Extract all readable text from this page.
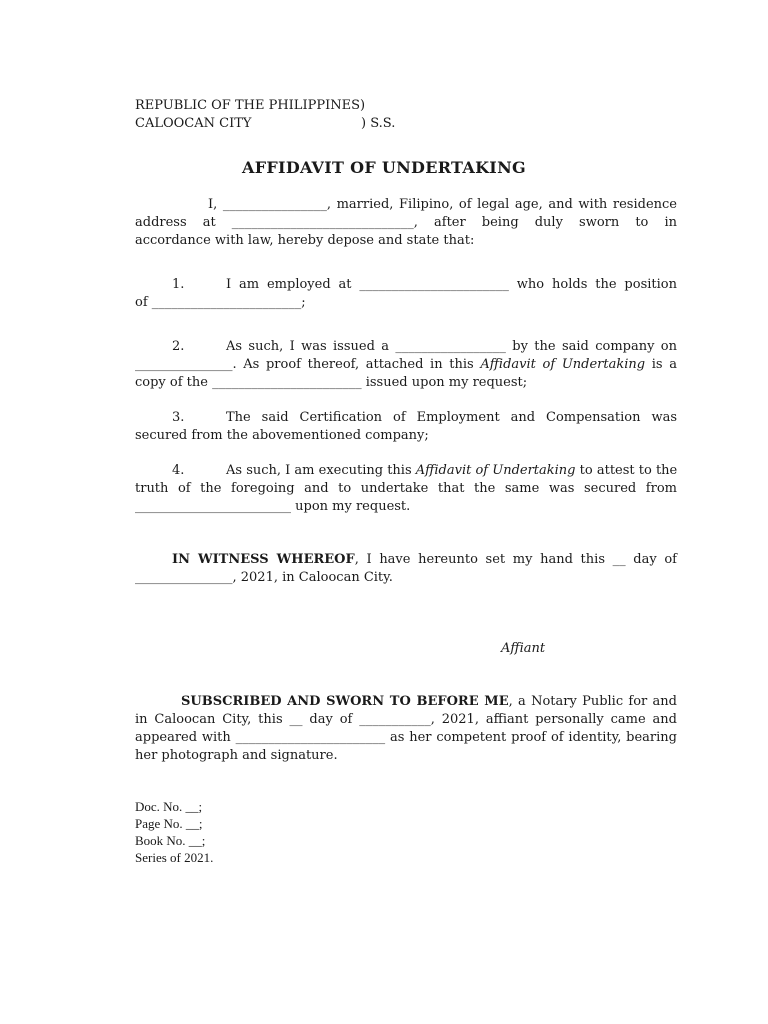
REPUBLIC OF THE PHILIPPINES)
CALOOCAN CITY	) S.S.
AFFIDAVIT OF UNDERTAKING
I, ________________, married, Filipino, of legal age, and with residence
address at ____________________________, after being duly sworn to in
accordance with law, hereby depose and state that:
1.	I am employed at _______________________ who holds the position
of _______________________;
2.	As such, I was issued a _________________ by the said company on
_______________. As proof thereof, attached in this Affidavit of Undertaking is a
copy of the _______________________ issued upon my request;
3.	The said Certification of Employment and Compensation was
secured from the abovementioned company;
4.	As such, I am executing this Affidavit of Undertaking to attest to the
truth of the foregoing and to undertake that the same was secured from
________________________ upon my request.
IN WITNESS WHEREOF, I have hereunto set my hand this __ day of
_______________, 2021, in Caloocan City.
Affiant
SUBSCRIBED AND SWORN TO BEFORE ME, a Notary Public for and
in Caloocan City, this __ day of ___________, 2021, affiant personally came and
appeared with _______________________ as her competent proof of identity, bearing
her photograph and signature.
Doc. No. __;
Page No. __;
Book No. __;
Series of 2021.
